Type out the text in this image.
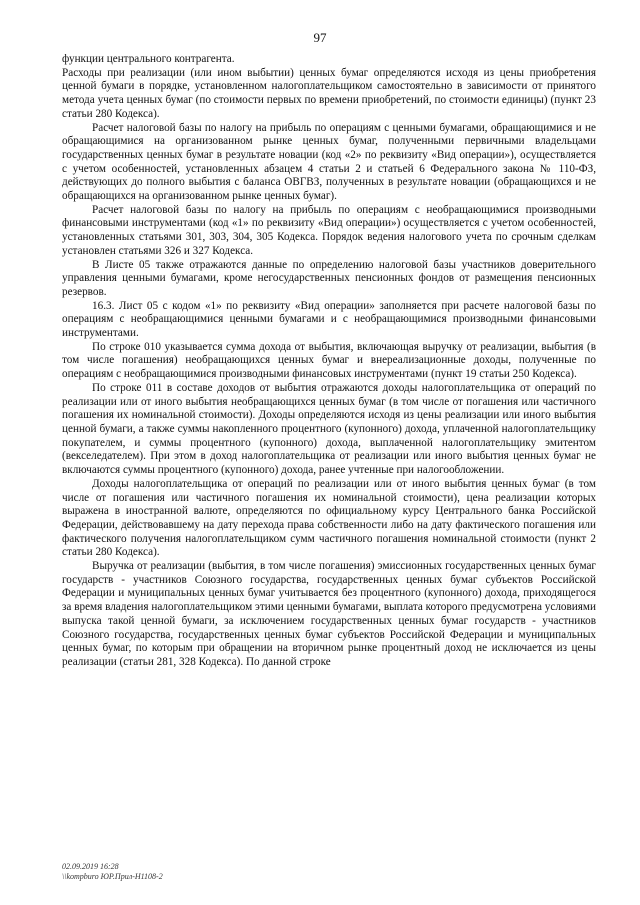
97

функции центрального контрагента.

Расходы при реализации (или ином выбытии) ценных бумаг определяются исходя из цены приобретения ценной бумаги в порядке, установленном налогоплательщиком самостоятельно в зависимости от принятого метода учета ценных бумаг (по стоимости первых по времени приобретений, по стоимости единицы) (пункт 23 статьи 280 Кодекса).

Расчет налоговой базы по налогу на прибыль по операциям с ценными бумагами, обращающимися и не обращающимися на организованном рынке ценных бумаг, полученными первичными владельцами государственных ценных бумаг в результате новации (код «2» по реквизиту «Вид операции»), осуществляется с учетом особенностей, установленных абзацем 4 статьи 2 и статьей 6 Федерального закона № 110-ФЗ, действующих до полного выбытия с баланса ОВГВЗ, полученных в результате новации (обращающихся и не обращающихся на организованном рынке ценных бумаг).

Расчет налоговой базы по налогу на прибыль по операциям с необращающимися производными финансовыми инструментами (код «1» по реквизиту «Вид операции») осуществляется с учетом особенностей, установленных статьями 301, 303, 304, 305 Кодекса. Порядок ведения налогового учета по срочным сделкам установлен статьями 326 и 327 Кодекса.

В Листе 05 также отражаются данные по определению налоговой базы участников доверительного управления ценными бумагами, кроме негосударственных пенсионных фондов от размещения пенсионных резервов.

16.3. Лист 05 с кодом «1» по реквизиту «Вид операции» заполняется при расчете налоговой базы по операциям с необращающимися ценными бумагами и с необращающимися производными финансовыми инструментами.

По строке 010 указывается сумма дохода от выбытия, включающая выручку от реализации, выбытия (в том числе погашения) необращающихся ценных бумаг и внереализационные доходы, полученные по операциям с необращающимися производными финансовых инструментами (пункт 19 статьи 250 Кодекса).

По строке 011 в составе доходов от выбытия отражаются доходы налогоплательщика от операций по реализации или от иного выбытия необращающихся ценных бумаг (в том числе от погашения или частичного погашения их номинальной стоимости). Доходы определяются исходя из цены реализации или иного выбытия ценной бумаги, а также суммы накопленного процентного (купонного) дохода, уплаченной налогоплательщику покупателем, и суммы процентного (купонного) дохода, выплаченной налогоплательщику эмитентом (векселедателем). При этом в доход налогоплательщика от реализации или иного выбытия ценных бумаг не включаются суммы процентного (купонного) дохода, ранее учтенные при налогообложении.

Доходы налогоплательщика от операций по реализации или от иного выбытия ценных бумаг (в том числе от погашения или частичного погашения их номинальной стоимости), цена реализации которых выражена в иностранной валюте, определяются по официальному курсу Центрального банка Российской Федерации, действовавшему на дату перехода права собственности либо на дату фактического погашения или фактического получения налогоплательщиком сумм частичного погашения номинальной стоимости (пункт 2 статьи 280 Кодекса).

Выручка от реализации (выбытия, в том числе погашения) эмиссионных государственных ценных бумаг государств - участников Союзного государства, государственных ценных бумаг субъектов Российской Федерации и муниципальных ценных бумаг учитывается без процентного (купонного) дохода, приходящегося за время владения налогоплательщиком этими ценными бумагами, выплата которого предусмотрена условиями выпуска такой ценной бумаги, за исключением государственных ценных бумаг государств - участников Союзного государства, государственных ценных бумаг субъектов Российской Федерации и муниципальных ценных бумаг, по которым при обращении на вторичном рынке процентный доход не исключается из цены реализации (статьи 281, 328 Кодекса). По данной строке

02.09.2019 16:28
\\kompburo ЮР.Прил-Н1108-2
